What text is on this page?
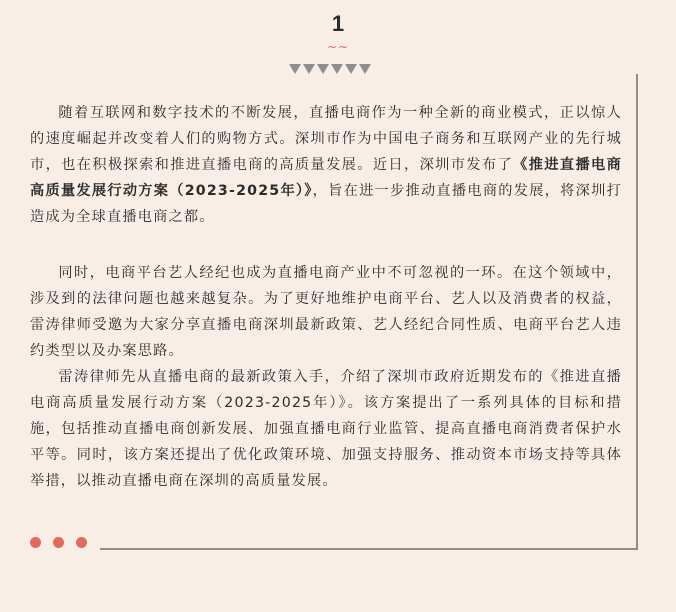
1
~~

随着互联网和数字技术的不断发展，直播电商作为一种全新的商业模式，正以惊人的速度崛起并改变着人们的购物方式。深圳市作为中国电子商务和互联网产业的先行城市，也在积极探索和推进直播电商的高质量发展。近日，深圳市发布了《推进直播电商高质量发展行动方案（2023-2025年）》，旨在进一步推动直播电商的发展，将深圳打造成为全球直播电商之都。

同时，电商平台艺人经纪也成为直播电商产业中不可忽视的一环。在这个领域中，涉及到的法律问题也越来越复杂。为了更好地维护电商平台、艺人以及消费者的权益，雷涛律师受邀为大家分享直播电商深圳最新政策、艺人经纪合同性质、电商平台艺人违约类型以及办案思路。

雷涛律师先从直播电商的最新政策入手，介绍了深圳市政府近期发布的《推进直播电商高质量发展行动方案（2023-2025年）》。该方案提出了一系列具体的目标和措施，包括推动直播电商创新发展、加强直播电商行业监管、提高直播电商消费者保护水平等。同时，该方案还提出了优化政策环境、加强支持服务、推动资本市场支持等具体举措，以推动直播电商在深圳的高质量发展。
